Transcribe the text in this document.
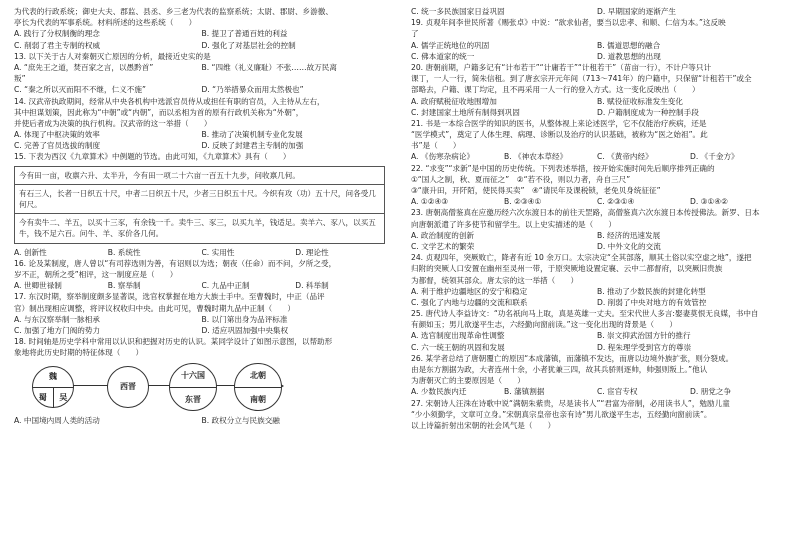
为代表的行政系统；御史大夫、郡监、县丞、乡三老为代表的监察系统；太尉、郡尉、乡游徼、
亭长为代表的军事系统。材料所述的这些系统（　　）
A. 践行了分权制衡的理念	B. 提卫了普通百姓的利益
C. 削弱了君主专制的权威	D. 强化了对基层社会的控制
13. 以下关于古人对秦朝灭亡原因的分析，最接近史实的是
A. “庶先王之道，焚百家之言，以愚黔首”	B. “四维（礼义廉耻）不张……故万民离
叛”
C. “秦之所以灭而阳不不继，仁义不施”	D. “乃举措暴众而用太然极也”
14. 汉武帝执政期间，经常从中央各机构中选派官员侍从或担任有职的官员，入主待从左右，
其中担谋划策，因此称为“中朝”或“内朝”，而以丞相为首的原有行政机关称为“外朝”，
并使后者成为决策的执行机构。汉武帝的这一举措（　　）
A. 体现了中枢决策的效率	B. 推动了决策机制专业化发展
C. 完善了官员选拔的制度	D. 反映了封建君主专制的加强
15. 下表为西汉《九章算术》中例题的节选。由此可知，《九章算术》具有（　　）
今有田一亩，收禀六升、太半升，今有田一项二十六亩一百五十九步，问收禀几何。
有石三人，长者一日织五十尺，中者二日织五十尺，少者三日织五十尺。今织有攻（功）五十尺，问各受几何尺。
今有卖牛二、羊五，以买十三豕，有余钱一千。卖牛三、豕三，以买九羊，钱适足。卖羊六、豕八，以买五牛，钱不足六百。问牛、羊、豕价各几何。
A. 创新性	B. 系统性	C. 实用性	D. 理论性
16. 论及某制度，唐人曾以“有司荐选则为善，有诏则以为选；朝夜（任命）而不问，夕所之受，
岁不正，朝所之受”相评，这一制度应是（　　）
A. 世卿世禄制	B. 察举制	C. 九品中正制	D. 科举制
17. 东汉时期，察举制度颇多显著误，选官权掌握在地方大族士手中。至曹魏时，中正（品评
官）制出现相应调整，将评议权收归中央。由此可见，曹魏时期九品中正制（　　）
A. 与东汉察举制一脉相承	B. 以门第出身为品评标准
C. 加强了地方门阀的势力	D. 适应巩固加强中央集权
18. 时间轴是历史学科中常用以认识和把握对历史的认识。某同学设计了如图示意图，以帮助形
象地将此历史时期的特征体现（　　）
魏
蜀	吴
西晋
十六国
东晋
北朝
南朝
A. 中国境内周人类的活动	B. 政权分立与民族交融
C. 统一多民族国家日益巩固	D. 早期国家的逐渐产生
19. 贞观年间李世民所著《赐张卓》中说：“欲求仙者，要当以忠孝、和顺、仁信为本。”这反映
了
A. 儒学正统地位的巩固	B. 儒道思想的融合
C. 佛本道家的统一	D. 道教思想的出现
20. 唐朝前期，户籍多记有“计布若干”“计庸若干”“计租若干”（苗亩一行），不计户等只计
课丁，一人一行，简朱信租。到了唐玄宗开元年间（713～741年）的户籍中，只保留“计租若干”或全
部略去，户籍、课丁均定，且不再采用一人一行的登入方式。这一变化反映出（　　）
A. 政府赋税征收地围增加	B. 赋役征收标准发生变化
C. 封建国家土地所有制得到巩固	D. 户籍制度成为一种控制手段
21. 书是一本综合医学的知识的医书，从整体视上来论述医学，它不仅能治疗疾病，还是
“医学模式”，奠定了人体生理、病理、诊断以及治疗的认识基础，被称为“医之始祖”。此
书”是（　　）
A. 《伤寒杂病论》	B. 《神农本草经》	C. 《黄帝内经》	D. 《千金方》
22. “求变”“求新”是中国的历史传统。下列表述举措，按开始实施时间先后顺序排列正确的
①“国人之制，秋、夏而征之”　②“若不役，则以力者，舟自三尺”
③“康升田，开阡陌，使民得买卖”　④“请民年及课税锁，老免贝身统征征”
A. ①②④③	B. ②③④①	C. ②③①④	D. ③①④②
23. 唐朝高僧鉴真在应邀历经六次东渡日本的前往天罡路，高僧鉴真六次东渡日本传授佛法。新罗、日本
向唐朝派遣了许多使节和留学生。以上史实描述的是（　　）
A. 政治制度的创新	B. 经济的迅速发展
C. 文学艺术的繁荣	D. 中外文化的交流
24. 贞观四年，突厥败亡，降者有近 10 余万口。太宗决定“全其部落，顺其土俗以实空虚之地”，遂把
归附的突厥人口安置在幽州至灵州一带，于原突厥地设置定襄、云中二都督府，以突厥旧贵族
为都督，统领其部众。唐太宗的这一举措（　　）
A. 利于维护边疆地区的安宁和稳定	B. 推动了少数民族的封建化转型
C. 强化了内地与边疆的交流和联系	D. 削弱了中央对地方的有效管控
25. 唐代诗人李益诗文：“功名祇向马上取，真是英雄一丈夫。至宋代世人多言:娶妻莫恨无良媒，书中自
有颜如玉；男儿欲遂平生志，六经勤向窗前读。”这一变化出现的背景是（　　）
A. 选官制度出现革命性调整	B. 崇文抑武治国方针的推行
C. 六一统王朝的巩固和发展	D. 程朱理学受到官方的尊崇
26. 某学者总结了唐朝覆亡的原因“本成藩镇，而藩镇不发达，而唐以边境外族扩张，则分裂成。
由是东方割据为政，大者连州十余，小者犹兼三四，故其兵骄则逐帅，帅强则叛上。”他认
为唐朝灭亡的主要原因是（　　）
A. 少数民族内迁	B. 藩镇割据	C. 宦官专权	D. 朋党之争
27. 宋朝诗人汪洙在诗歌中说“满朝朱紫贵，尽是读书人”“君富为帝制，必用读书人”，勉励儿童
“少小须勤学，文章可立身。”宋朝真宗皇帝也亲有诗“男儿欲遂平生志，五经勤向窗前读”。
以上诗篇折射出宋朝的社会风气是（　　）
